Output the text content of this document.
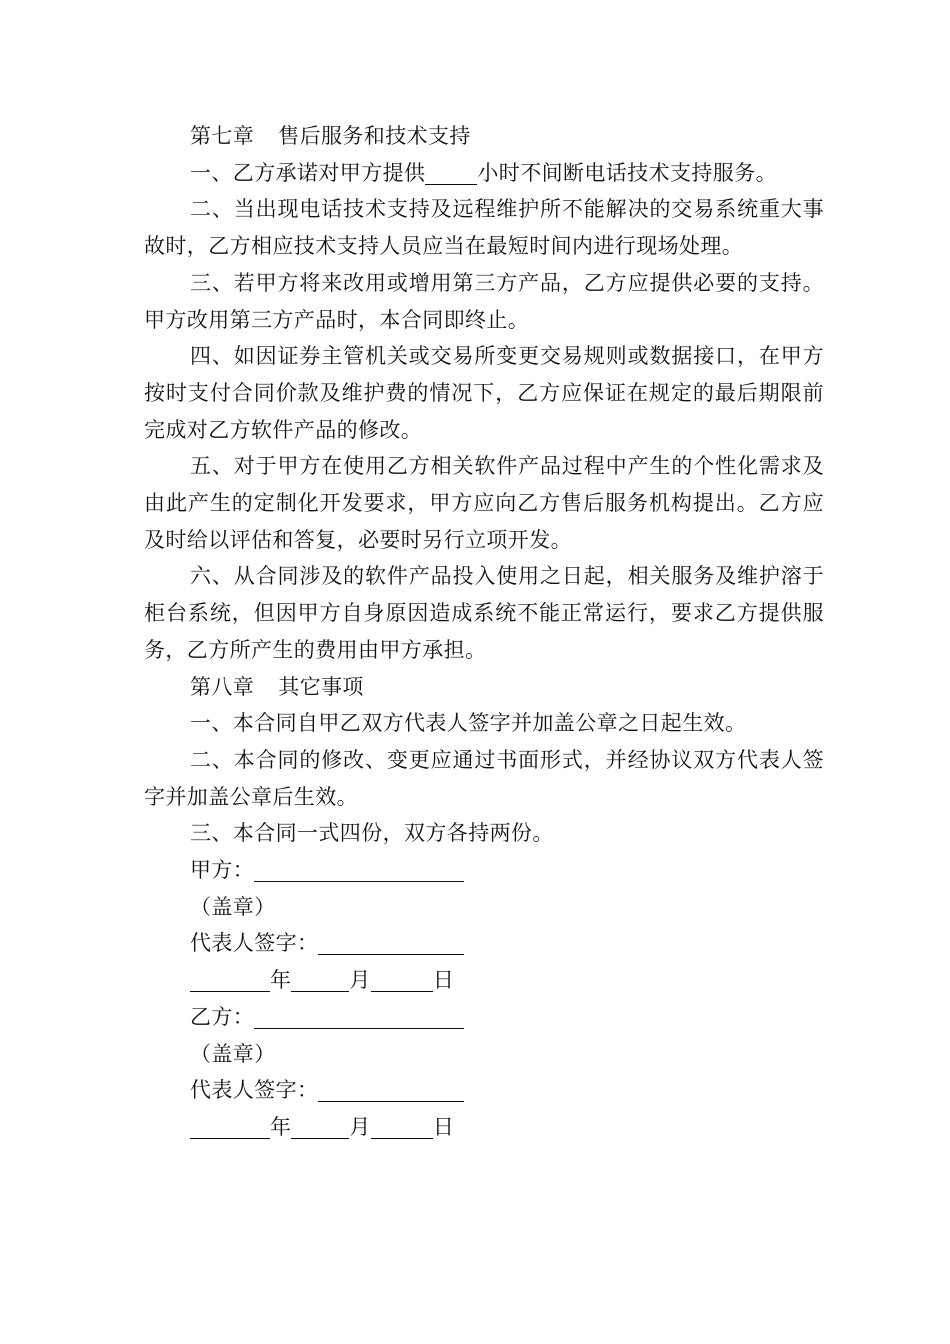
第七章 售后服务和技术支持

一、乙方承诺对甲方提供 小时不间断电话技术支持服务。

二、当出现电话技术支持及远程维护所不能解决的交易系统重大事故时，乙方相应技术支持人员应当在最短时间内进行现场处理。

三、若甲方将来改用或增用第三方产品，乙方应提供必要的支持。甲方改用第三方产品时，本合同即终止。

四、如因证券主管机关或交易所变更交易规则或数据接口，在甲方按时支付合同价款及维护费的情况下，乙方应保证在规定的最后期限前完成对乙方软件产品的修改。

五、对于甲方在使用乙方相关软件产品过程中产生的个性化需求及由此产生的定制化开发要求，甲方应向乙方售后服务机构提出。乙方应及时给以评估和答复，必要时另行立项开发。

六、从合同涉及的软件产品投入使用之日起，相关服务及维护溶于柜台系统，但因甲方自身原因造成系统不能正常运行，要求乙方提供服务，乙方所产生的费用由甲方承担。

第八章 其它事项

一、本合同自甲乙双方代表人签字并加盖公章之日起生效。

二、本合同的修改、变更应通过书面形式，并经协议双方代表人签字并加盖公章后生效。

三、本合同一式四份，双方各持两份。

甲方：

（盖章）

代表人签字：

年	月	日

乙方：

（盖章）

代表人签字：

年	月	日
